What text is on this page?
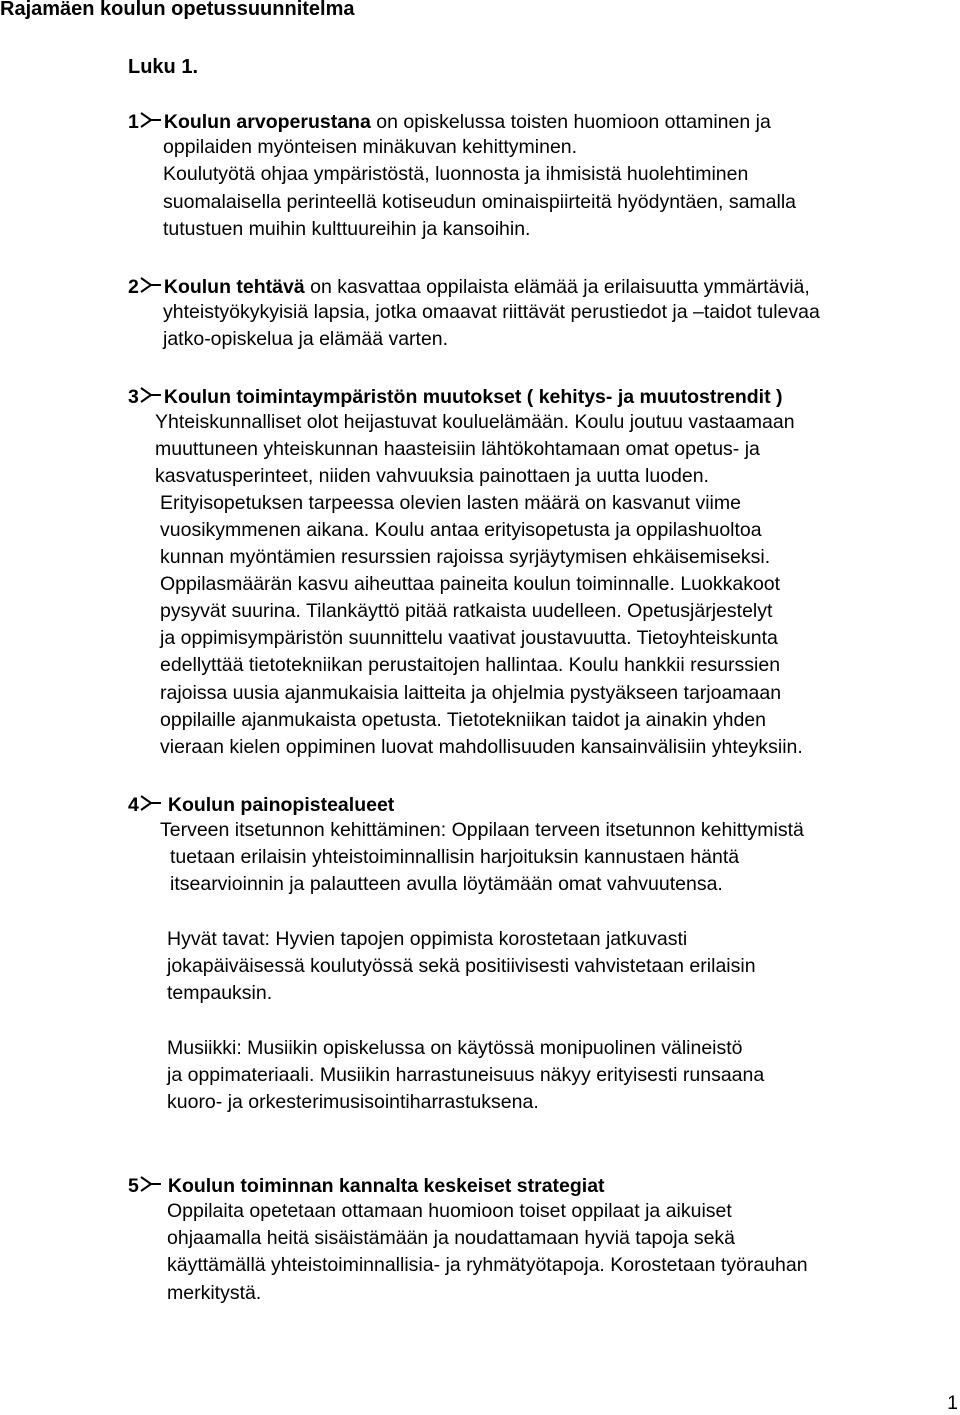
Rajamäen koulun opetussuunnitelma
Luku 1.
1 Koulun arvoperustana on opiskelussa toisten huomioon ottaminen ja
oppilaiden myönteisen minäkuvan kehittyminen.
Koulutyötä ohjaa ympäristöstä, luonnosta ja ihmisistä huolehtiminen
suomalaisella perinteellä kotiseudun ominaispiirteitä hyödyntäen, samalla
tutustuen muihin kulttuureihin ja kansoihin.
2 Koulun tehtävä on kasvattaa oppilaista elämää ja erilaisuutta ymmärtäviä,
yhteistyökykyisiä lapsia, jotka omaavat riittävät perustiedot ja –taidot tulevaa
jatko-opiskelua ja elämää varten.
3 Koulun toimintaympäristön muutokset ( kehitys- ja muutostrendit )
Yhteiskunnalliset olot heijastuvat kouluelämään. Koulu joutuu vastaamaan
muuttuneen yhteiskunnan haasteisiin lähtökohtamaan omat opetus- ja
kasvatusperinteet, niiden vahvuuksia painottaen ja uutta luoden.
Erityisopetuksen tarpeessa olevien lasten määrä on kasvanut viime
vuosikymmenen aikana. Koulu antaa erityisopetusta ja oppilashuoltoa
kunnan myöntämien resurssien rajoissa syrjäytymisen ehkäisemiseksi.
Oppilasmäärän kasvu aiheuttaa paineita koulun toiminnalle. Luokkakoot
pysyvät suurina. Tilankäyttö pitää ratkaista uudelleen. Opetusjärjestelyt
ja oppimisympäristön suunnittelu vaativat joustavuutta. Tietoyhteiskunta
edellyttää tietotekniikan perustaitojen hallintaa. Koulu hankkii resurssien
rajoissa uusia ajanmukaisia laitteita ja ohjelmia pystyäkseen tarjoamaan
oppilaille ajanmukaista opetusta. Tietotekniikan taidot ja ainakin yhden
vieraan kielen oppiminen luovat mahdollisuuden kansainvälisiin yhteyksiin.
4 Koulun painopistealueet
Terveen itsetunnon kehittäminen: Oppilaan terveen itsetunnon kehittymistä
tuetaan erilaisin yhteistoiminnallisin harjoituksin kannustaen häntä
itsearvioinnin ja palautteen avulla löytämään omat vahvuutensa.
Hyvät tavat: Hyvien tapojen oppimista korostetaan jatkuvasti
jokapäiväisessä koulutyössä sekä positiivisesti vahvistetaan erilaisin
tempauksin.
Musiikki: Musiikin opiskelussa on käytössä monipuolinen välineistö
ja oppimateriaali. Musiikin harrastuneisuus näkyy erityisesti runsaana
kuoro- ja orkesterimusisointiharrastuksena.
5 Koulun toiminnan kannalta keskeiset strategiat
Oppilaita opetetaan ottamaan huomioon toiset oppilaat ja aikuiset
ohjaamalla heitä sisäistämään ja noudattamaan hyviä tapoja sekä
käyttämällä yhteistoiminnallisia- ja ryhmätyötapoja. Korostetaan työrauhan
merkitystä.
1
